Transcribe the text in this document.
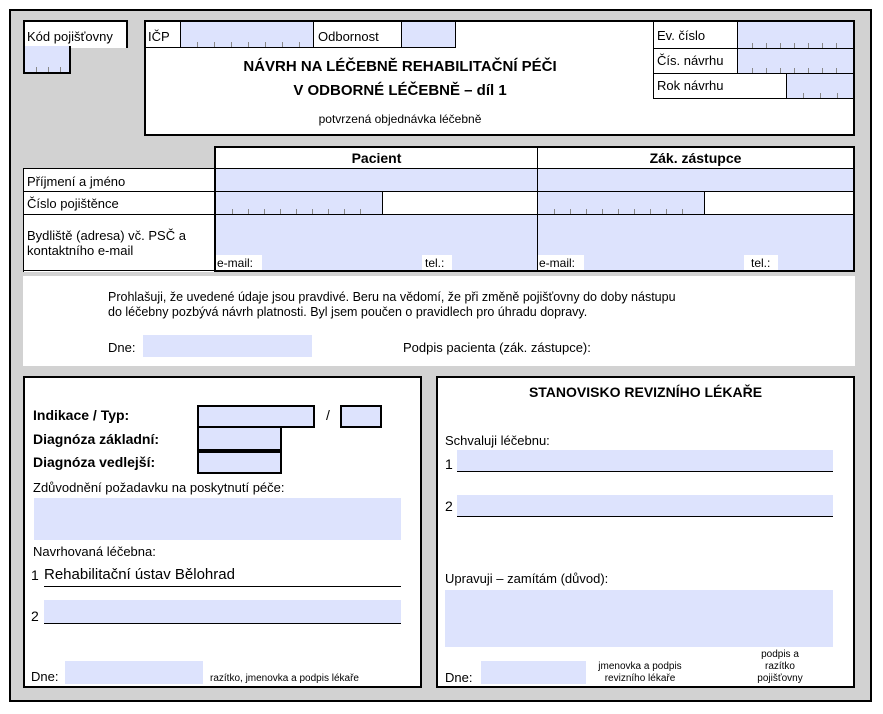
Kód pojišťovny	IČP	Odbornost
NÁVRH NA LÉČEBNĚ REHABILITAČNÍ PÉČI
V ODBORNÉ LÉČEBNĚ – díl 1
potvrzená objednávka léčebně
Ev. číslo
Čís. návrhu
Rok návrhu
Pacient	Zák. zástupce
Příjmení a jméno
Číslo pojištěnce
Bydliště (adresa) vč. PSČ a kontaktního e-mail
e-mail:	tel.:	e-mail:	tel.:
Prohlašuji, že uvedené údaje jsou pravdivé. Beru na vědomí, že při změně pojišťovny do doby nástupu
do léčebny pozbývá návrh platnosti. Byl jsem poučen o pravidlech pro úhradu dopravy.
Dne:	Podpis pacienta (zák. zástupce):
Indikace / Typ:	/
Diagnóza základní:
Diagnóza vedlejší:
Zdůvodnění požadavku na poskytnutí péče:
Navrhovaná léčebna:
1 Rehabilitační ústav Bělohrad
2
Dne:	razítko, jmenovka a podpis lékaře
STANOVISKO REVIZNÍHO LÉKAŘE
Schvaluji léčebnu:
1
2
Upravuji – zamítám (důvod):
Dne:
jmenovka a podpis
revizního lékaře
podpis a
razítko
pojišťovny
